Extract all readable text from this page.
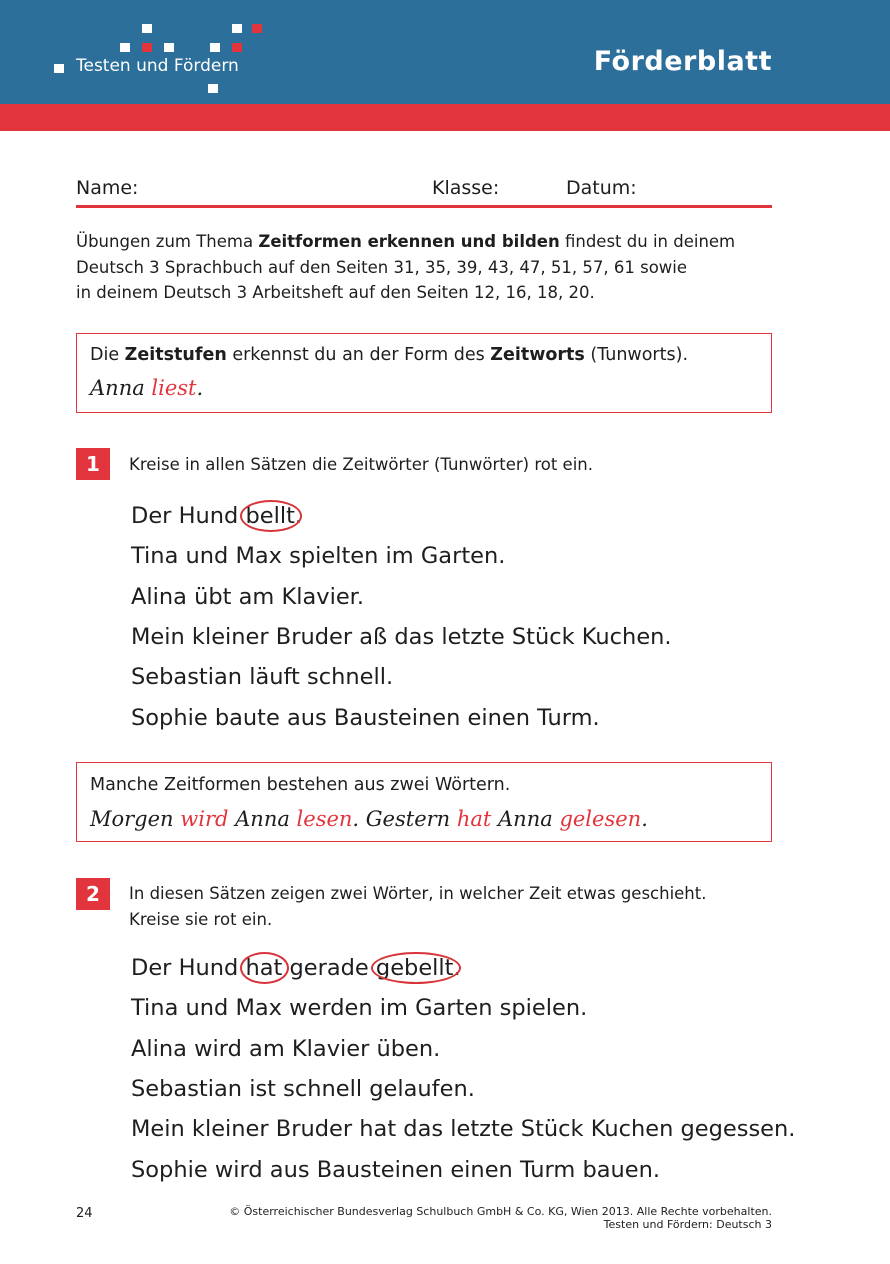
Testen und Fördern	Förderblatt
Zeitformen erkennen und bilden
Name:	Klasse:	Datum:
Übungen zum Thema Zeitformen erkennen und bilden findest du in deinem
Deutsch 3 Sprachbuch auf den Seiten 31, 35, 39, 43, 47, 51, 57, 61 sowie
in deinem Deutsch 3 Arbeitsheft auf den Seiten 12, 16, 18, 20.
Die Zeitstufen erkennst du an der Form des Zeitworts (Tunworts).
Anna liest.
1	Kreise in allen Sätzen die Zeitwörter (Tunwörter) rot ein.
Der Hund bellt.
Tina und Max spielten im Garten.
Alina übt am Klavier.
Mein kleiner Bruder aß das letzte Stück Kuchen.
Sebastian läuft schnell.
Sophie baute aus Bausteinen einen Turm.
Manche Zeitformen bestehen aus zwei Wörtern.
Morgen wird Anna lesen. Gestern hat Anna gelesen.
2	In diesen Sätzen zeigen zwei Wörter, in welcher Zeit etwas geschieht.
Kreise sie rot ein.
Der Hund hat gerade gebellt.
Tina und Max werden im Garten spielen.
Alina wird am Klavier üben.
Sebastian ist schnell gelaufen.
Mein kleiner Bruder hat das letzte Stück Kuchen gegessen.
Sophie wird aus Bausteinen einen Turm bauen.
24	© Österreichischer Bundesverlag Schulbuch GmbH & Co. KG, Wien 2013. Alle Rechte vorbehalten.
Testen und Fördern: Deutsch 3
